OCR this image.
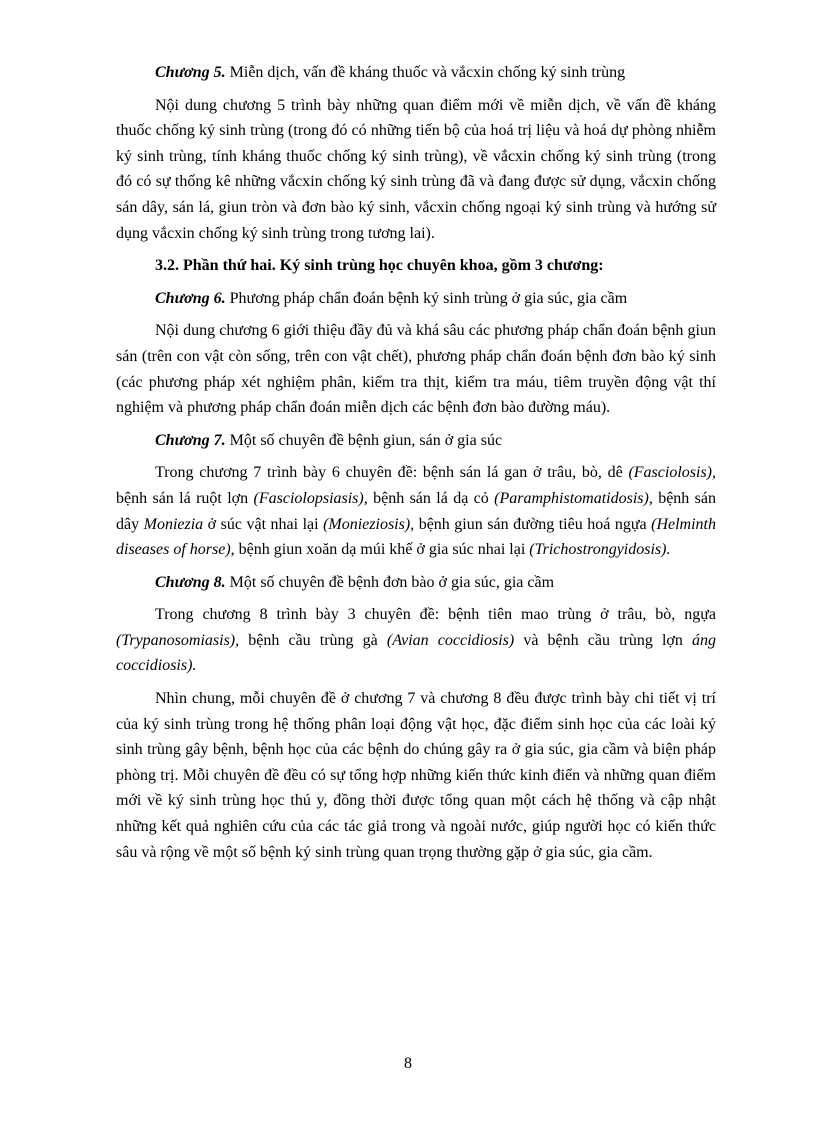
Chương 5. Miễn dịch, vấn đề kháng thuốc và vắcxin chống ký sinh trùng

Nội dung chương 5 trình bày những quan điểm mới về miễn dịch, về vấn đề kháng thuốc chống ký sinh trùng (trong đó có những tiến bộ của hoá trị liệu và hoá dự phòng nhiễm ký sinh trùng, tính kháng thuốc chống ký sinh trùng), về vắcxin chống ký sinh trùng (trong đó có sự thống kê những vắcxin chống ký sinh trùng đã và đang được sử dụng, vắcxin chống sán dây, sán lá, giun tròn và đơn bào ký sinh, vắcxin chống ngoại ký sinh trùng và hướng sử dụng vắcxin chống ký sinh trùng trong tương lai).

3.2. Phần thứ hai. Ký sinh trùng học chuyên khoa, gồm 3 chương:

Chương 6. Phương pháp chẩn đoán bệnh ký sinh trùng ở gia súc, gia cầm

Nội dung chương 6 giới thiệu đầy đủ và khá sâu các phương pháp chẩn đoán bệnh giun sán (trên con vật còn sống, trên con vật chết), phương pháp chẩn đoán bệnh đơn bào ký sinh (các phương pháp xét nghiệm phân, kiểm tra thịt, kiểm tra máu, tiêm truyền động vật thí nghiệm và phương pháp chẩn đoán miễn dịch các bệnh đơn bào đường máu).

Chương 7. Một số chuyên đề bệnh giun, sán ở gia súc

Trong chương 7 trình bày 6 chuyên đề: bệnh sán lá gan ở trâu, bò, dê (Fasciolosis), bệnh sán lá ruột lợn (Fasciolopsiasis), bệnh sán lá dạ cỏ (Paramphistomatidosis), bệnh sán dây Moniezia ở súc vật nhai lại (Monieziosis), bệnh giun sán đường tiêu hoá ngựa (Helminth diseases of horse), bệnh giun xoăn dạ múi khế ở gia súc nhai lại (Trichostrongyidosis).

Chương 8. Một số chuyên đề bệnh đơn bào ở gia súc, gia cầm

Trong chương 8 trình bày 3 chuyên đề: bệnh tiên mao trùng ở trâu, bò, ngựa (Trypanosomiasis), bệnh cầu trùng gà (Avian coccidiosis) và bệnh cầu trùng lợn áng coccidiosis).

Nhìn chung, mỗi chuyên đề ở chương 7 và chương 8 đều được trình bày chi tiết vị trí của ký sinh trùng trong hệ thống phân loại động vật học, đặc điểm sinh học của các loài ký sinh trùng gây bệnh, bệnh học của các bệnh do chúng gây ra ở gia súc, gia cầm và biện pháp phòng trị. Mỗi chuyên đề đều có sự tổng hợp những kiến thức kinh điển và những quan điểm mới về ký sinh trùng học thú y, đồng thời được tổng quan một cách hệ thống và cập nhật những kết quả nghiên cứu của các tác giả trong và ngoài nước, giúp người học có kiến thức sâu và rộng về một số bệnh ký sinh trùng quan trọng thường gặp ở gia súc, gia cầm.

8
